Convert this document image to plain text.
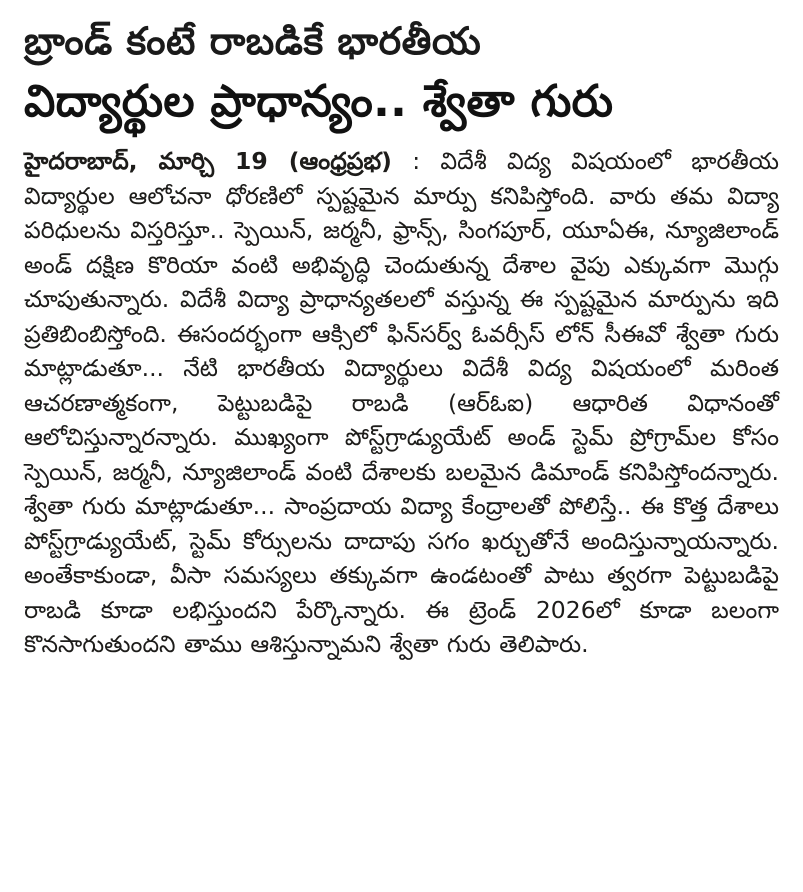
బ్రాండ్ కంటే రాబడికే భారతీయ
విద్యార్థుల ప్రాధాన్యం.. శ్వేతా గురు
హైదరాబాద్, మార్చి 19 (ఆంధ్రప్రభ) : విదేశీ విద్య విషయంలో భారతీయ విద్యార్థుల ఆలోచనా ధోరణిలో స్పష్టమైన మార్పు కనిపిస్తోంది. వారు తమ విద్యా పరిధులను విస్తరిస్తూ.. స్పెయిన్, జర్మనీ, ఫ్రాన్స్, సింగపూర్, యూఏఈ, న్యూజిలాండ్ అండ్ దక్షిణ కొరియా వంటి అభివృద్ధి చెందుతున్న దేశాల వైపు ఎక్కువగా మొగ్గు చూపుతున్నారు. విదేశీ విద్యా ప్రాధాన్యతలలో వస్తున్న ఈ స్పష్టమైన మార్పును ఇది ప్రతిబింబిస్తోంది. ఈసందర్భంగా ఆక్సిలో ఫిన్‌సర్వ్ ఓవర్సీస్ లోన్ సీఈవో శ్వేతా గురు మాట్లాడుతూ... నేటి భారతీయ విద్యార్థులు విదేశీ విద్య విషయంలో మరింత ఆచరణాత్మకంగా, పెట్టుబడిపై రాబడి (ఆర్ఓఐ) ఆధారిత విధానంతో ఆలోచిస్తున్నారన్నారు. ముఖ్యంగా పోస్ట్‌గ్రాడ్యుయేట్ అండ్ స్టెమ్ ప్రోగ్రామ్‌ల కోసం స్పెయిన్, జర్మనీ, న్యూజిలాండ్ వంటి దేశాలకు బలమైన డిమాండ్ కనిపిస్తోందన్నారు. శ్వేతా గురు మాట్లాడుతూ... సాంప్రదాయ విద్యా కేంద్రాలతో పోలిస్తే.. ఈ కొత్త దేశాలు పోస్ట్‌గ్రాడ్యుయేట్, స్టెమ్ కోర్సులను దాదాపు సగం ఖర్చుతోనే అందిస్తున్నాయన్నారు. అంతేకాకుండా, వీసా సమస్యలు తక్కువగా ఉండటంతో పాటు త్వరగా పెట్టుబడిపై రాబడి కూడా లభిస్తుందని పేర్కొన్నారు. ఈ ట్రెండ్ 2026లో కూడా బలంగా కొనసాగుతుందని తాము ఆశిస్తున్నామని శ్వేతా గురు తెలిపారు.
